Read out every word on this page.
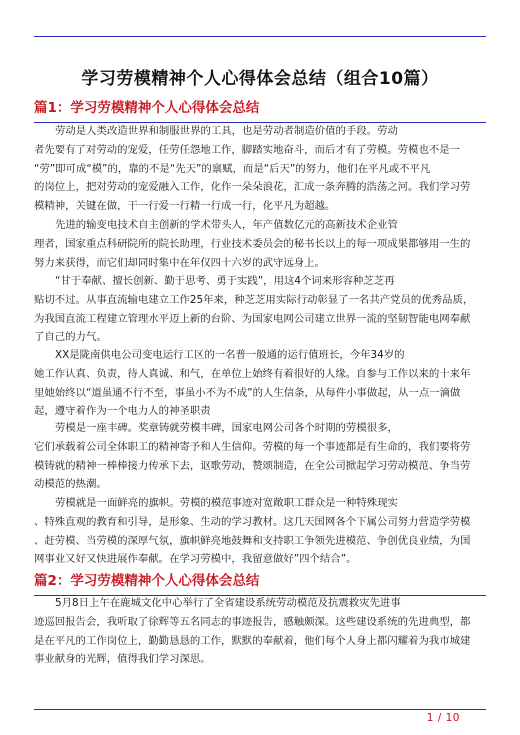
学习劳模精神个人心得体会总结（组合10篇）
篇1：学习劳模精神个人心得体会总结
劳动是人类改造世界和制服世界的工具，也是劳动者制造价值的手段。劳动
者先要有了对劳动的宠爱，任劳任怨地工作，脚踏实地奋斗，而后才有了劳模。劳模也不是一
“劳”即可成“模”的，靠的不是“先天”的禀赋，而是“后天”的努力，他们在平凡或不平凡
的岗位上，把对劳动的宠爱融入工作，化作一朵朵浪花，汇成一条奔腾的浩荡之河。我们学习劳
模精神，关键在做，干一行爱一行精一行成一行，化平凡为超越。
先进的输变电技术自主创新的学术带头人，年产值数亿元的高新技术企业管
理者，国家重点科研院所的院长助理，行业技术委员会的秘书长以上的每一项成果都够用一生的
努力来获得，而它们却同时集中在年仅四十六岁的武守远身上。
“甘于奉献、擅长创新、勤于思考、勇于实践”，用这4个词来形容种芝芝再
贴切不过。从事直流输电建立工作25年来，种芝芝用实际行动彰显了一名共产党员的优秀品质，
为我国直流工程建立管理水平迈上新的台阶、为国家电网公司建立世界一流的坚韧智能电网奉献
了自己的力气。
XX是陇南供电公司变电运行工区的一名普一般通的运行值班长，今年34岁的
她工作认真、负责，待人真诚、和气，在单位上始终有着很好的人缘。自参与工作以来的十来年
里她始终以“道虽通不行不至，事虽小不为不成”的人生信条，从每件小事做起，从一点一滴做
起，遵守着作为一个电力人的神圣职责
劳模是一座丰碑。奖章铸就劳模丰碑，国家电网公司各个时期的劳模很多，
它们承载着公司全体职工的精神寄予和人生信仰。劳模的每一个事迹都是有生命的，我们要将劳
模铸就的精神一棒棒接力传承下去，讴歌劳动，赞颂制造，在全公司掀起学习劳动模范、争当劳
动模范的热潮。
劳模就是一面鲜亮的旗帜。劳模的模范事迹对宽敞职工群众是一种特殊现实
、特殊直观的教育和引导，是形象、生动的学习教材。这几天国网各个下属公司努力营造学劳模
、赶劳模、当劳模的深厚气氛，旗帜鲜亮地鼓舞和支持职工争领先进模范、争创优良业绩，为国
网事业又好又快进展作奉献。在学习劳模中，我留意做好”四个结合”。
篇2：学习劳模精神个人心得体会总结
5月8日上午在鹿城文化中心举行了全省建设系统劳动模范及抗震救灾先进事
迹巡回报告会，我听取了徐辉等五名同志的事迹报告，感触颇深。这些建设系统的先进典型，都
是在平凡的工作岗位上，勤勤恳恳的工作，默默的奉献着，他们每个人身上都闪耀着为我市城建
事业献身的光辉，值得我们学习深思。
1 / 10
